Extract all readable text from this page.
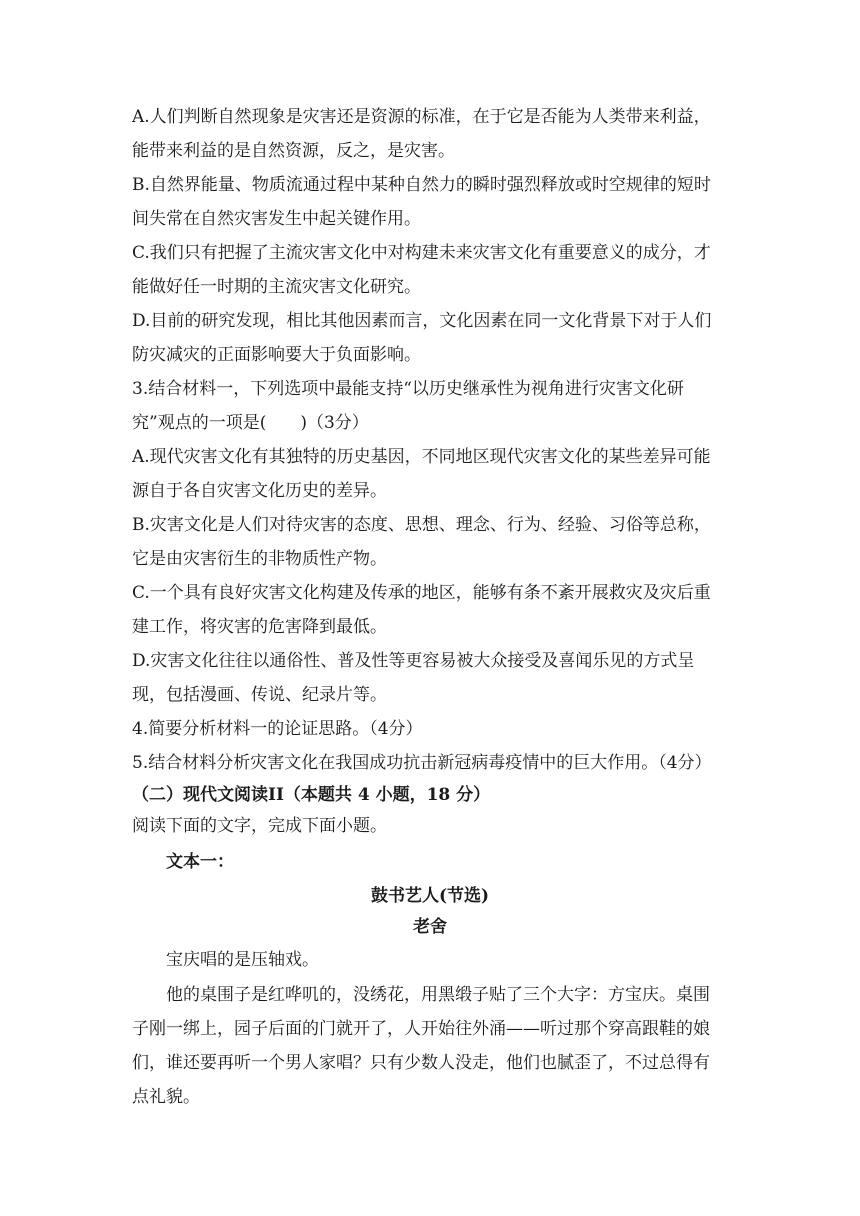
A.人们判断自然现象是灾害还是资源的标准，在于它是否能为人类带来利益，
能带来利益的是自然资源，反之，是灾害。
B.自然界能量、物质流通过程中某种自然力的瞬时强烈释放或时空规律的短时
间失常在自然灾害发生中起关键作用。
C.我们只有把握了主流灾害文化中对构建未来灾害文化有重要意义的成分，才
能做好任一时期的主流灾害文化研究。
D.目前的研究发现，相比其他因素而言，文化因素在同一文化背景下对于人们
防灾减灾的正面影响要大于负面影响。
3.结合材料一，下列选项中最能支持“以历史继承性为视角进行灾害文化研
究”观点的一项是(　　)（3分）
A.现代灾害文化有其独特的历史基因，不同地区现代灾害文化的某些差异可能
源自于各自灾害文化历史的差异。
B.灾害文化是人们对待灾害的态度、思想、理念、行为、经验、习俗等总称，
它是由灾害衍生的非物质性产物。
C.一个具有良好灾害文化构建及传承的地区，能够有条不紊开展救灾及灾后重
建工作，将灾害的危害降到最低。
D.灾害文化往往以通俗性、普及性等更容易被大众接受及喜闻乐见的方式呈
现，包括漫画、传说、纪录片等。
4.简要分析材料一的论证思路。（4分）
5.结合材料分析灾害文化在我国成功抗击新冠病毒疫情中的巨大作用。（4分）
（二）现代文阅读II（本题共 4 小题，18 分）
阅读下面的文字，完成下面小题。
文本一：
鼓书艺人(节选)
老舍
宝庆唱的是压轴戏。
他的桌围子是红哗叽的，没绣花，用黑缎子贴了三个大字：方宝庆。桌围
子刚一绑上，园子后面的门就开了，人开始往外涌——听过那个穿高跟鞋的娘
们，谁还要再听一个男人家唱？只有少数人没走，他们也腻歪了，不过总得有
点礼貌。
